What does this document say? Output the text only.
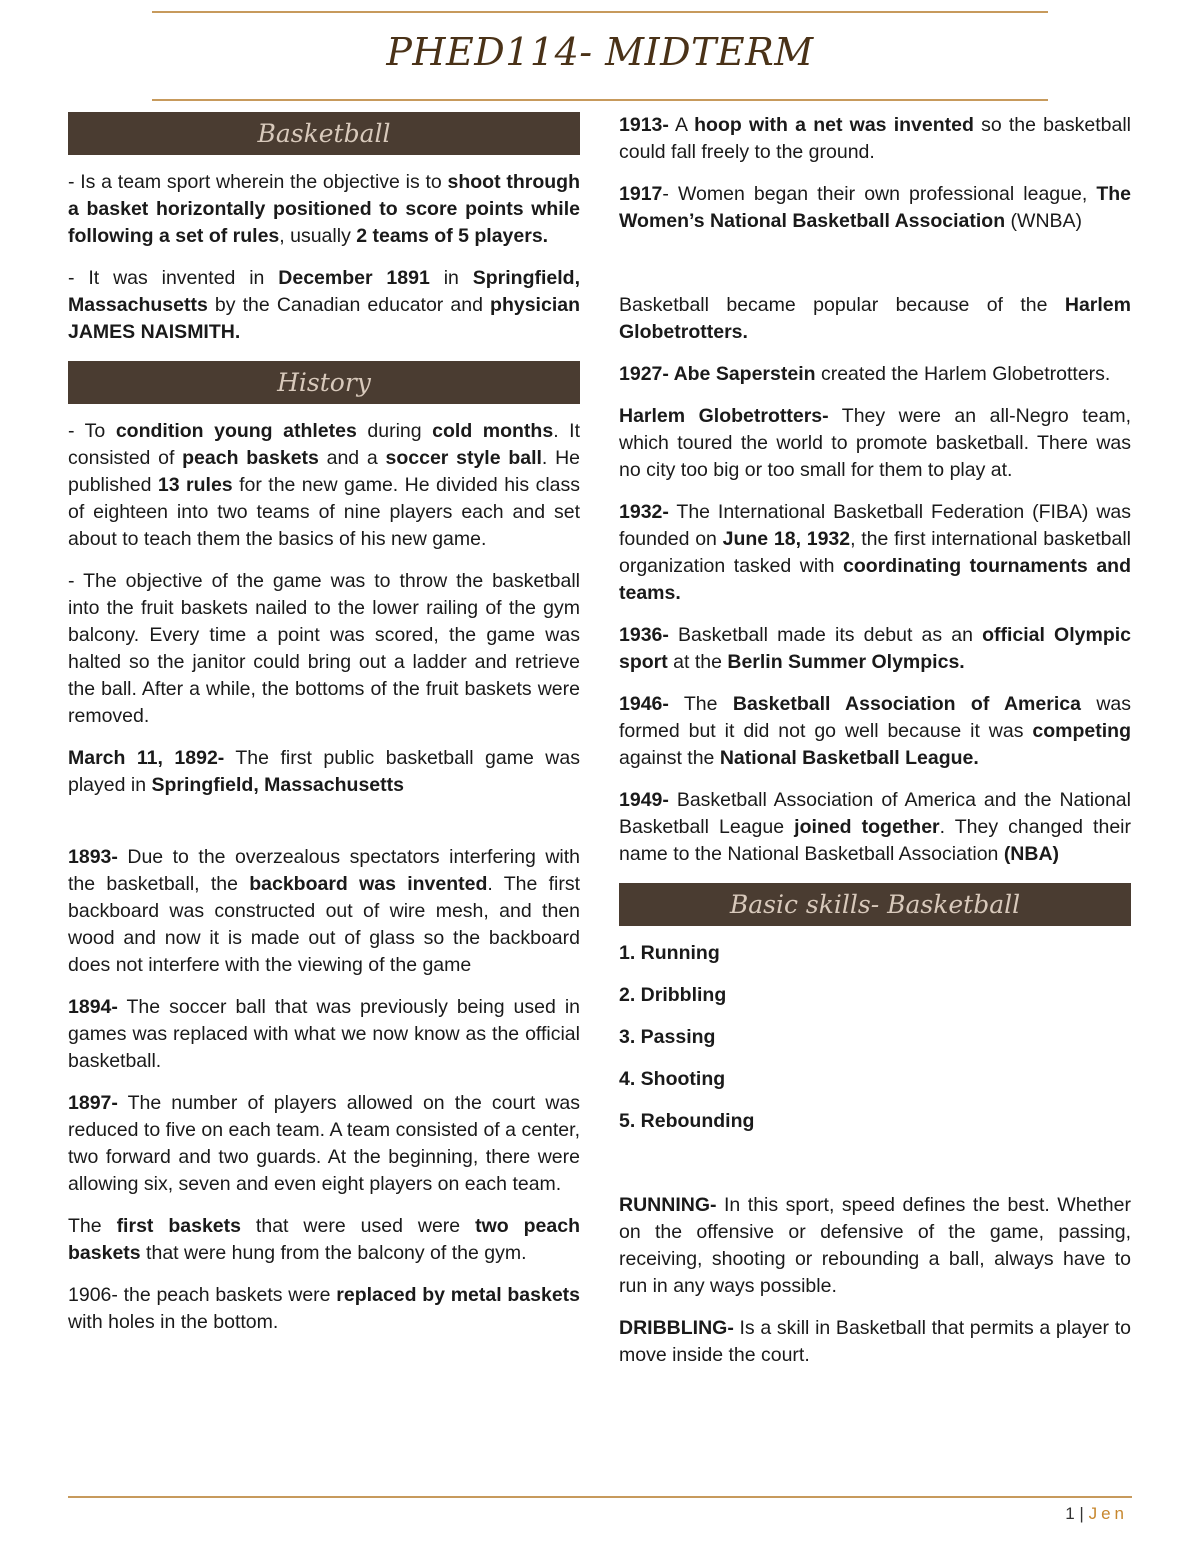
PHED114- MIDTERM
Basketball

- Is a team sport wherein the objective is to shoot through a basket horizontally positioned to score points while following a set of rules, usually 2 teams of 5 players.

- It was invented in December 1891 in Springfield, Massachusetts by the Canadian educator and physician JAMES NAISMITH.

History

- To condition young athletes during cold months. It consisted of peach baskets and a soccer style ball. He published 13 rules for the new game. He divided his class of eighteen into two teams of nine players each and set about to teach them the basics of his new game.

- The objective of the game was to throw the basketball into the fruit baskets nailed to the lower railing of the gym balcony. Every time a point was scored, the game was halted so the janitor could bring out a ladder and retrieve the ball. After a while, the bottoms of the fruit baskets were removed.

March 11, 1892- The first public basketball game was played in Springfield, Massachusetts

1893- Due to the overzealous spectators interfering with the basketball, the backboard was invented. The first backboard was constructed out of wire mesh, and then wood and now it is made out of glass so the backboard does not interfere with the viewing of the game

1894- The soccer ball that was previously being used in games was replaced with what we now know as the official basketball.

1897- The number of players allowed on the court was reduced to five on each team. A team consisted of a center, two forward and two guards. At the beginning, there were allowing six, seven and even eight players on each team.

The first baskets that were used were two peach baskets that were hung from the balcony of the gym.

1906- the peach baskets were replaced by metal baskets with holes in the bottom.

1913- A hoop with a net was invented so the basketball could fall freely to the ground.

1917- Women began their own professional league, The Women’s National Basketball Association (WNBA)

Basketball became popular because of the Harlem Globetrotters.

1927- Abe Saperstein created the Harlem Globetrotters.

Harlem Globetrotters- They were an all-Negro team, which toured the world to promote basketball. There was no city too big or too small for them to play at.

1932- The International Basketball Federation (FIBA) was founded on June 18, 1932, the first international basketball organization tasked with coordinating tournaments and teams.

1936- Basketball made its debut as an official Olympic sport at the Berlin Summer Olympics.

1946- The Basketball Association of America was formed but it did not go well because it was competing against the National Basketball League.

1949- Basketball Association of America and the National Basketball League joined together. They changed their name to the National Basketball Association (NBA)

Basic skills- Basketball

1. Running

2. Dribbling

3. Passing

4. Shooting

5. Rebounding

RUNNING- In this sport, speed defines the best. Whether on the offensive or defensive of the game, passing, receiving, shooting or rebounding a ball, always have to run in any ways possible.

DRIBBLING- Is a skill in Basketball that permits a player to move inside the court.

1 | Jen
